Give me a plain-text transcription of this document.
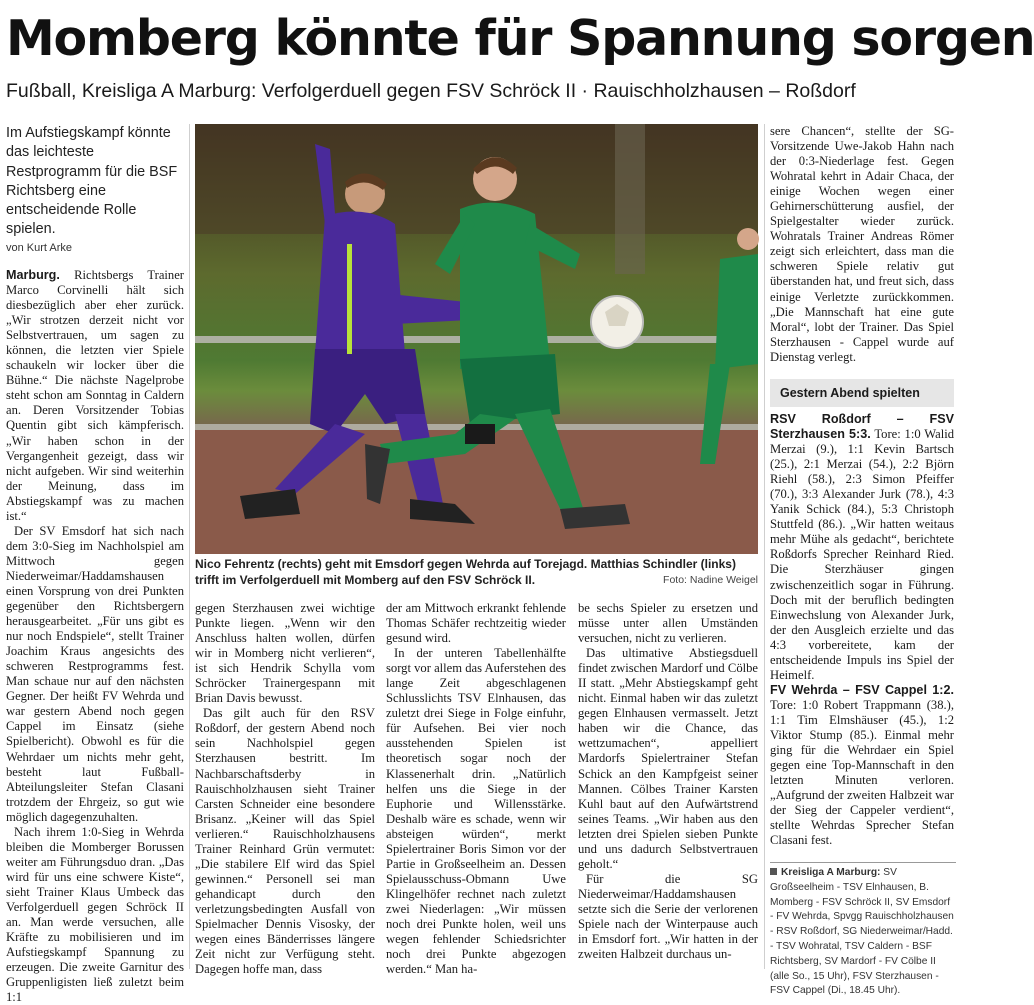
Momberg könnte für Spannung sorgen
Fußball, Kreisliga A Marburg: Verfolgerduell gegen FSV Schröck II · Rauischholzhausen – Roßdorf
Im Aufstiegskampf könnte das leichteste Restprogramm für die BSF Richtsberg eine entscheidende Rolle spielen.
von Kurt Arke

Marburg. Richtsbergs Trainer Marco Corvinelli hält sich diesbezüglich aber eher zurück. „Wir strotzen derzeit nicht vor Selbstvertrauen, um sagen zu können, die letzten vier Spiele schaukeln wir locker über die Bühne.“ Die nächste Nagelprobe steht schon am Sonntag in Caldern an. Deren Vorsitzender Tobias Quentin gibt sich kämpferisch. „Wir haben schon in der Vergangenheit gezeigt, dass wir nicht aufgeben. Wir sind weiterhin der Meinung, dass im Abstiegskampf was zu machen ist.“

Der SV Emsdorf hat sich nach dem 3:0-Sieg im Nachholspiel am Mittwoch gegen Niederweimar/Haddamshausen einen Vorsprung von drei Punkten gegenüber den Richtsbergern herausgearbeitet. „Für uns gibt es nur noch Endspiele“, stellt Trainer Joachim Kraus angesichts des schweren Restprogramms fest. Man schaue nur auf den nächsten Gegner. Der heißt FV Wehrda und war gestern Abend noch gegen Cappel im Einsatz (siehe Spielbericht). Obwohl es für die Wehrdaer um nichts mehr geht, besteht laut Fußball-Abteilungsleiter Stefan Clasani trotzdem der Ehrgeiz, so gut wie möglich dagegenzuhalten.

Nach ihrem 1:0-Sieg in Wehrda bleiben die Momberger Borussen weiter am Führungsduo dran. „Das wird für uns eine schwere Kiste“, sieht Trainer Klaus Umbeck das Verfolgerduell gegen Schröck II an. Man werde versuchen, alle Kräfte zu mobilisieren und im Aufstiegskampf Spannung zu erzeugen. Die zweite Garnitur des Gruppenligisten ließ zuletzt beim 1:1

Nico Fehrentz (rechts) geht mit Emsdorf gegen Wehrda auf Torejagd. Matthias Schindler (links) trifft im Verfolgerduell mit Momberg auf den FSV Schröck II.	Foto: Nadine Weigel

gegen Sterzhausen zwei wichtige Punkte liegen. „Wenn wir den Anschluss halten wollen, dürfen wir in Momberg nicht verlieren“, ist sich Hendrik Schylla vom Schröcker Trainergespann mit Brian Davis bewusst.

Das gilt auch für den RSV Roßdorf, der gestern Abend noch sein Nachholspiel gegen Sterzhausen bestritt. Im Nachbarschaftsderby in Rauischholzhausen sieht Trainer Carsten Schneider eine besondere Brisanz. „Keiner will das Spiel verlieren.“ Rauischholzhausens Trainer Reinhard Grün vermutet: „Die stabilere Elf wird das Spiel gewinnen.“ Personell sei man gehandicapt durch den verletzungsbedingten Ausfall von Spielmacher Dennis Visosky, der wegen eines Bänderrisses längere Zeit nicht zur Verfügung steht. Dagegen hoffe man, dass

der am Mittwoch erkrankt fehlende Thomas Schäfer rechtzeitig wieder gesund wird.

In der unteren Tabellenhälfte sorgt vor allem das Auferstehen des lange Zeit abgeschlagenen Schlusslichts TSV Elnhausen, das zuletzt drei Siege in Folge einfuhr, für Aufsehen. Bei vier noch ausstehenden Spielen ist theoretisch sogar noch der Klassenerhalt drin. „Natürlich helfen uns die Siege in der Euphorie und Willensstärke. Deshalb wäre es schade, wenn wir absteigen würden“, merkt Spielertrainer Boris Simon vor der Partie in Großseelheim an. Dessen Spielausschuss-Obmann Uwe Klingelhöfer rechnet nach zuletzt zwei Niederlagen: „Wir müssen noch drei Punkte holen, weil uns wegen fehlender Schiedsrichter noch drei Punkte abgezogen werden.“ Man ha-

be sechs Spieler zu ersetzen und müsse unter allen Umständen versuchen, nicht zu verlieren.

Das ultimative Abstiegsduell findet zwischen Mardorf und Cölbe II statt. „Mehr Abstiegskampf geht nicht. Einmal haben wir das zuletzt gegen Elnhausen vermasselt. Jetzt haben wir die Chance, das wettzumachen“, appelliert Mardorfs Spielertrainer Stefan Schick an den Kampfgeist seiner Mannen. Cölbes Trainer Karsten Kuhl baut auf den Aufwärtstrend seines Teams. „Wir haben aus den letzten drei Spielen sieben Punkte und uns dadurch Selbstvertrauen geholt.“

Für die SG Niederweimar/Haddamshausen setzte sich die Serie der verlorenen Spiele nach der Winterpause auch in Emsdorf fort. „Wir hatten in der zweiten Halbzeit durchaus un-

sere Chancen“, stellte der SG-Vorsitzende Uwe-Jakob Hahn nach der 0:3-Niederlage fest. Gegen Wohratal kehrt in Adair Chaca, der einige Wochen wegen einer Gehirnerschütterung ausfiel, der Spielgestalter wieder zurück. Wohratals Trainer Andreas Römer zeigt sich erleichtert, dass man die schweren Spiele relativ gut überstanden hat, und freut sich, dass einige Verletzte zurückkommen. „Die Mannschaft hat eine gute Moral“, lobt der Trainer. Das Spiel Sterzhausen - Cappel wurde auf Dienstag verlegt.

Gestern Abend spielten

RSV Roßdorf – FSV Sterzhausen 5:3. Tore: 1:0 Walid Merzai (9.), 1:1 Kevin Bartsch (25.), 2:1 Merzai (54.), 2:2 Björn Riehl (58.), 2:3 Simon Pfeiffer (70.), 3:3 Alexander Jurk (78.), 4:3 Yanik Schick (84.), 5:3 Christoph Stuttfeld (86.). „Wir hatten weitaus mehr Mühe als gedacht“, berichtete Roßdorfs Sprecher Reinhard Ried. Die Sterzhäuser gingen zwischenzeitlich sogar in Führung. Doch mit der beruflich bedingten Einwechslung von Alexander Jurk, der den Ausgleich erzielte und das 4:3 vorbereitete, kam der entscheidende Impuls ins Spiel der Heimelf.

FV Wehrda – FSV Cappel 1:2. Tore: 1:0 Robert Trappmann (38.), 1:1 Tim Elmshäuser (45.), 1:2 Viktor Stump (85.). Einmal mehr ging für die Wehrdaer ein Spiel gegen eine Top-Mannschaft in den letzten Minuten verloren. „Aufgrund der zweiten Halbzeit war der Sieg der Cappeler verdient“, stellte Wehrdas Sprecher Stefan Clasani fest.

Kreisliga A Marburg: SV Großseelheim - TSV Elnhausen, B. Momberg - FSV Schröck II, SV Emsdorf - FV Wehrda, Spvgg Rauischholzhausen - RSV Roßdorf, SG Niederweimar/Hadd. - TSV Wohratal, TSV Caldern - BSF Richtsberg, SV Mardorf - FV Cölbe II (alle So., 15 Uhr), FSV Sterzhausen - FSV Cappel (Di., 18.45 Uhr).
